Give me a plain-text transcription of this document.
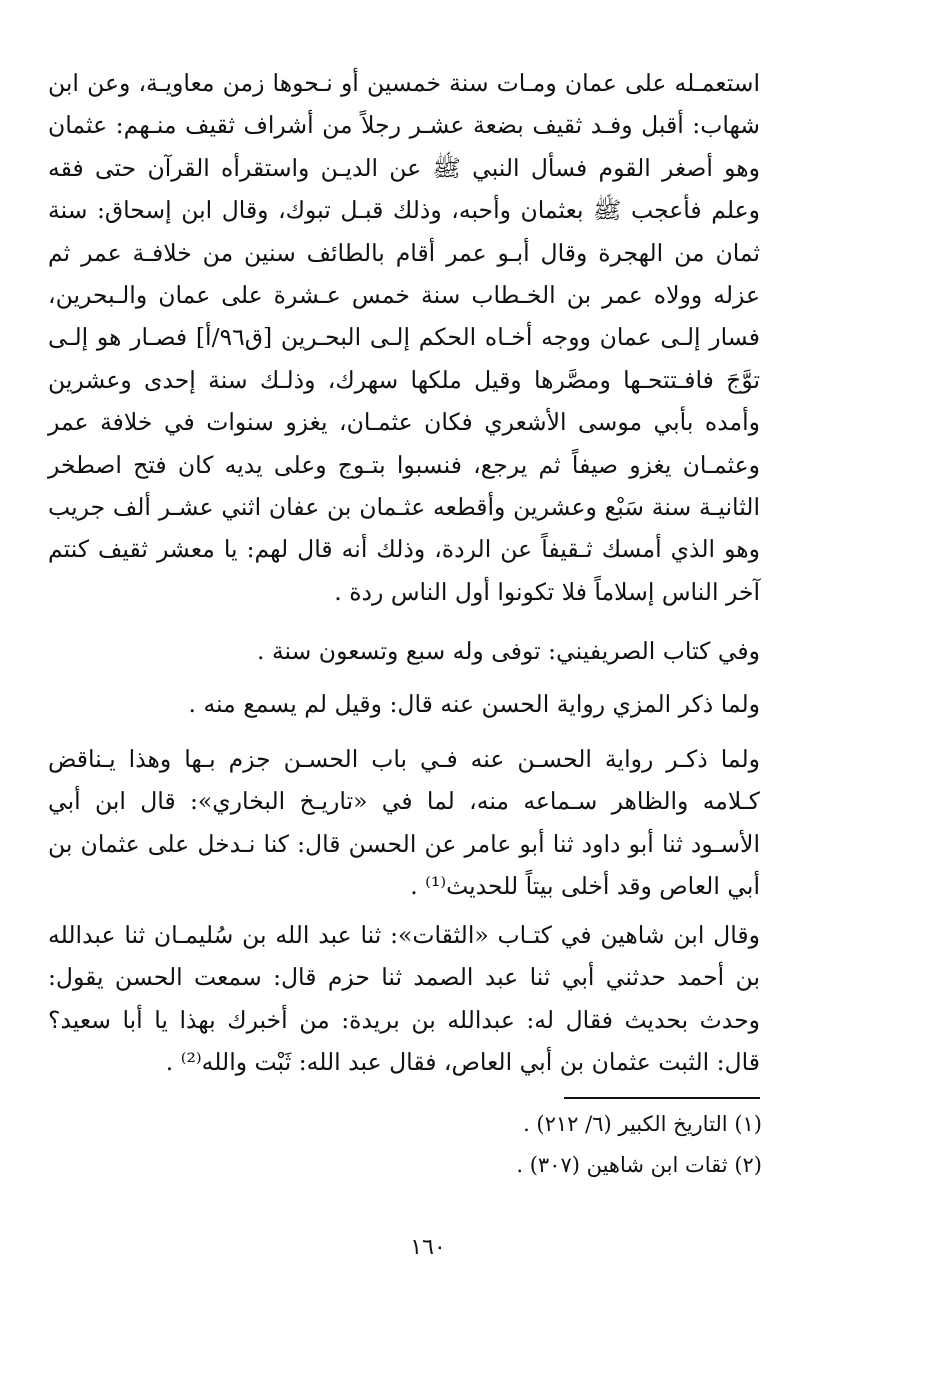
استعمـله على عمان ومـات سنة خمسين أو نـحوها زمن معاويـة، وعن ابن شهاب: أقبل وفـد ثقيف بضعة عشـر رجلاً من أشراف ثقيف منـهم: عثمان وهو أصغر القوم فسأل النبي ﷺ عن الديـن واستقرأه القرآن حتى فقه وعلم فأعجب ﷺ بعثمان وأحبه، وذلك قبـل تبوك، وقال ابن إسحاق: سنة ثمان من الهجرة وقال أبـو عمر أقام بالطائف سنين من خلافـة عمر ثم عزله وولاه عمر بن الخـطاب سنة خمس عـشرة على عمان والـبحرين، فسار إلـى عمان ووجه أخـاه الحكم إلـى البحـرين [ق٩٦/أ] فصـار هو إلـى توَّجَ فافـتتحـها ومصَّرها وقيل ملكها سهرك، وذلـك سنة إحدى وعشرين وأمده بأبي موسى الأشعري فكان عثمـان، يغزو سنوات في خلافة عمر وعثمـان يغزو صيفاً ثم يرجع، فنسبوا بتـوج وعلى يديه كان فتح اصطخر الثانيـة سنة سَبْع وعشرين وأقطعه عثـمان بن عفان اثني عشـر ألف جريب وهو الذي أمسك ثـقيفاً عن الردة، وذلك أنه قال لهم: يا معشر ثقيف كنتم آخر الناس إسلاماً فلا تكونوا أول الناس ردة .

وفي كتاب الصريفيني: توفى وله سبع وتسعون سنة .

ولما ذكر المزي رواية الحسن عنه قال: وقيل لم يسمع منه .

ولما ذكـر رواية الحسـن عنه فـي باب الحسـن جزم بـها وهذا يـناقض كـلامه والظاهر سـماعه منه، لما في «تاريـخ البخاري»: قال ابن أبي الأسـود ثنا أبو داود ثنا أبو عامر عن الحسن قال: كنا نـدخل على عثمان بن أبي العاص وقد أخلى بيتاً للحديث⁽¹⁾ .

وقال ابن شاهين في كتـاب «الثقات»: ثنا عبد الله بن سُليمـان ثنا عبدالله بن أحمد حدثني أبي ثنا عبد الصمد ثنا حزم قال: سمعت الحسن يقول: وحدث بحديث فقال له: عبدالله بن بريدة: من أخبرك بهذا يا أبا سعيد؟ قال: الثبت عثمان بن أبي العاص، فقال عبد الله: ثَبْت والله⁽²⁾ .

(١) التاريخ الكبير (٦/ ٢١٢) .
(٢) ثقات ابن شاهين (٣٠٧) .
١٦٠
